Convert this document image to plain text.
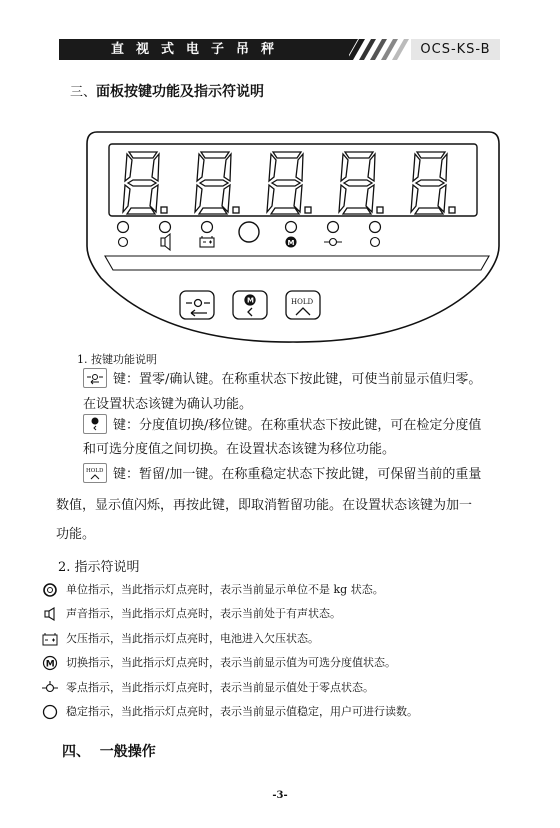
直视式电子吊秤	OCS-KS-B
三、面板按键功能及指示符说明
M
M	HOLD
1. 按键功能说明
键：置零/确认键。在称重状态下按此键，可使当前显示值归零。
在设置状态该键为确认功能。
键：分度值切换/移位键。在称重状态下按此键，可在检定分度值
和可选分度值之间切换。在设置状态该键为移位功能。
HOLD 键：暂留/加一键。在称重稳定状态下按此键，可保留当前的重量
数值，显示值闪烁，再按此键，即取消暂留功能。在设置状态该键为加一
功能。
2. 指示符说明
单位指示，当此指示灯点亮时，表示当前显示单位不是 kg 状态。
声音指示，当此指示灯点亮时，表示当前处于有声状态。
欠压指示，当此指示灯点亮时，电池进入欠压状态。
M 切换指示，当此指示灯点亮时，表示当前显示值为可选分度值状态。
零点指示，当此指示灯点亮时，表示当前显示值处于零点状态。
稳定指示，当此指示灯点亮时，表示当前显示值稳定，用户可进行读数。
四、  一般操作
-3-
